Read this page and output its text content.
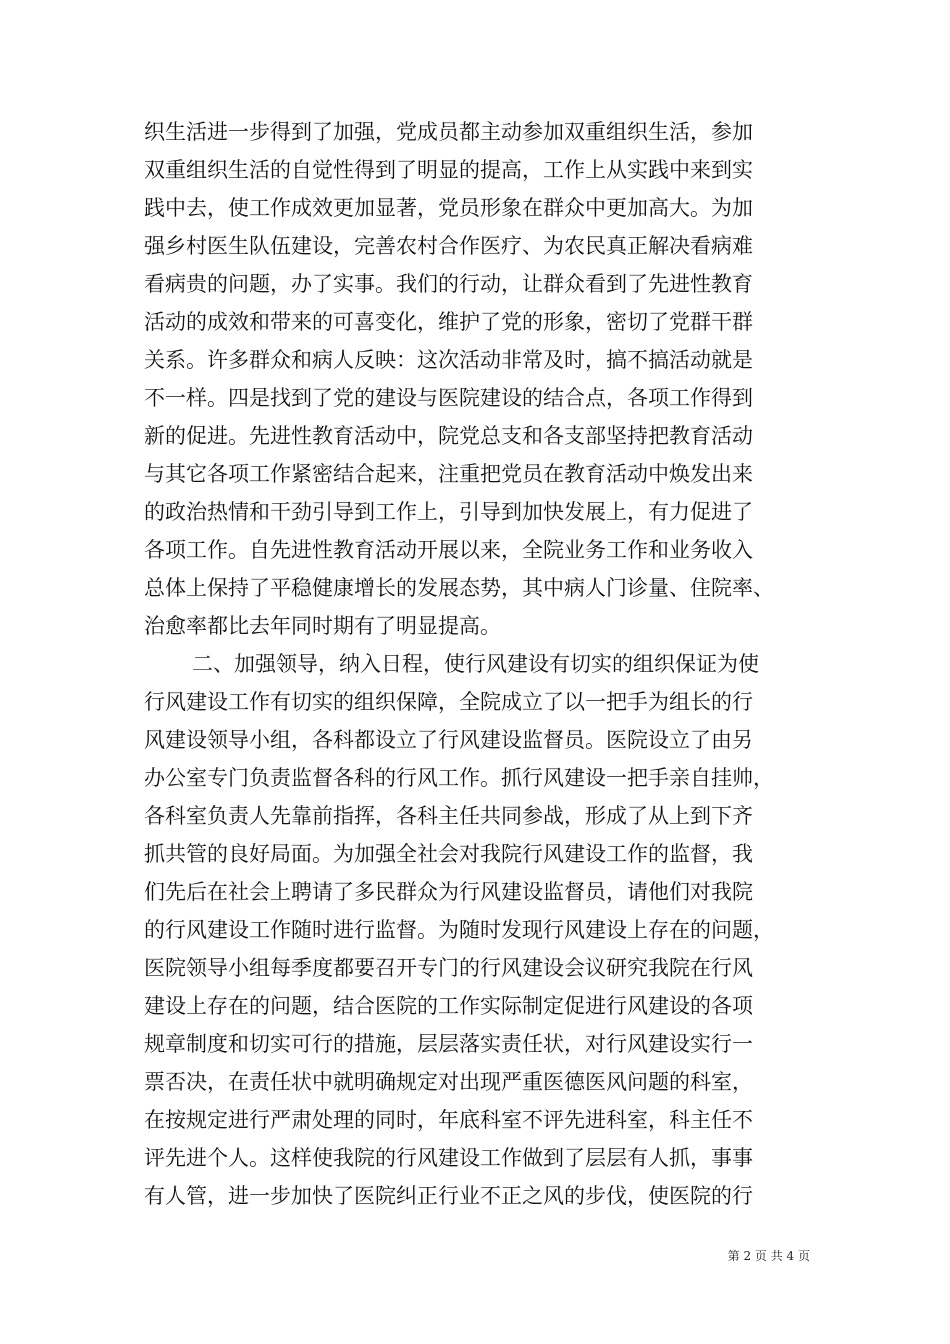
织生活进一步得到了加强，党成员都主动参加双重组织生活，参加
双重组织生活的自觉性得到了明显的提高，工作上从实践中来到实
践中去，使工作成效更加显著，党员形象在群众中更加高大。为加
强乡村医生队伍建设，完善农村合作医疗、为农民真正解决看病难
看病贵的问题，办了实事。我们的行动，让群众看到了先进性教育
活动的成效和带来的可喜变化，维护了党的形象，密切了党群干群
关系。许多群众和病人反映：这次活动非常及时，搞不搞活动就是
不一样。四是找到了党的建设与医院建设的结合点，各项工作得到
新的促进。先进性教育活动中，院党总支和各支部坚持把教育活动
与其它各项工作紧密结合起来，注重把党员在教育活动中焕发出来
的政治热情和干劲引导到工作上，引导到加快发展上，有力促进了
各项工作。自先进性教育活动开展以来，全院业务工作和业务收入
总体上保持了平稳健康增长的发展态势，其中病人门诊量、住院率、
治愈率都比去年同时期有了明显提高。
二、加强领导，纳入日程，使行风建设有切实的组织保证为使
行风建设工作有切实的组织保障，全院成立了以一把手为组长的行
风建设领导小组，各科都设立了行风建设监督员。医院设立了由另
办公室专门负责监督各科的行风工作。抓行风建设一把手亲自挂帅，
各科室负责人先靠前指挥，各科主任共同参战，形成了从上到下齐
抓共管的良好局面。为加强全社会对我院行风建设工作的监督，我
们先后在社会上聘请了多民群众为行风建设监督员，请他们对我院
的行风建设工作随时进行监督。为随时发现行风建设上存在的问题，
医院领导小组每季度都要召开专门的行风建设会议研究我院在行风
建设上存在的问题，结合医院的工作实际制定促进行风建设的各项
规章制度和切实可行的措施，层层落实责任状，对行风建设实行一
票否决，在责任状中就明确规定对出现严重医德医风问题的科室，
在按规定进行严肃处理的同时，年底科室不评先进科室，科主任不
评先进个人。这样使我院的行风建设工作做到了层层有人抓，事事
有人管，进一步加快了医院纠正行业不正之风的步伐，使医院的行
第 2 页 共 4 页
